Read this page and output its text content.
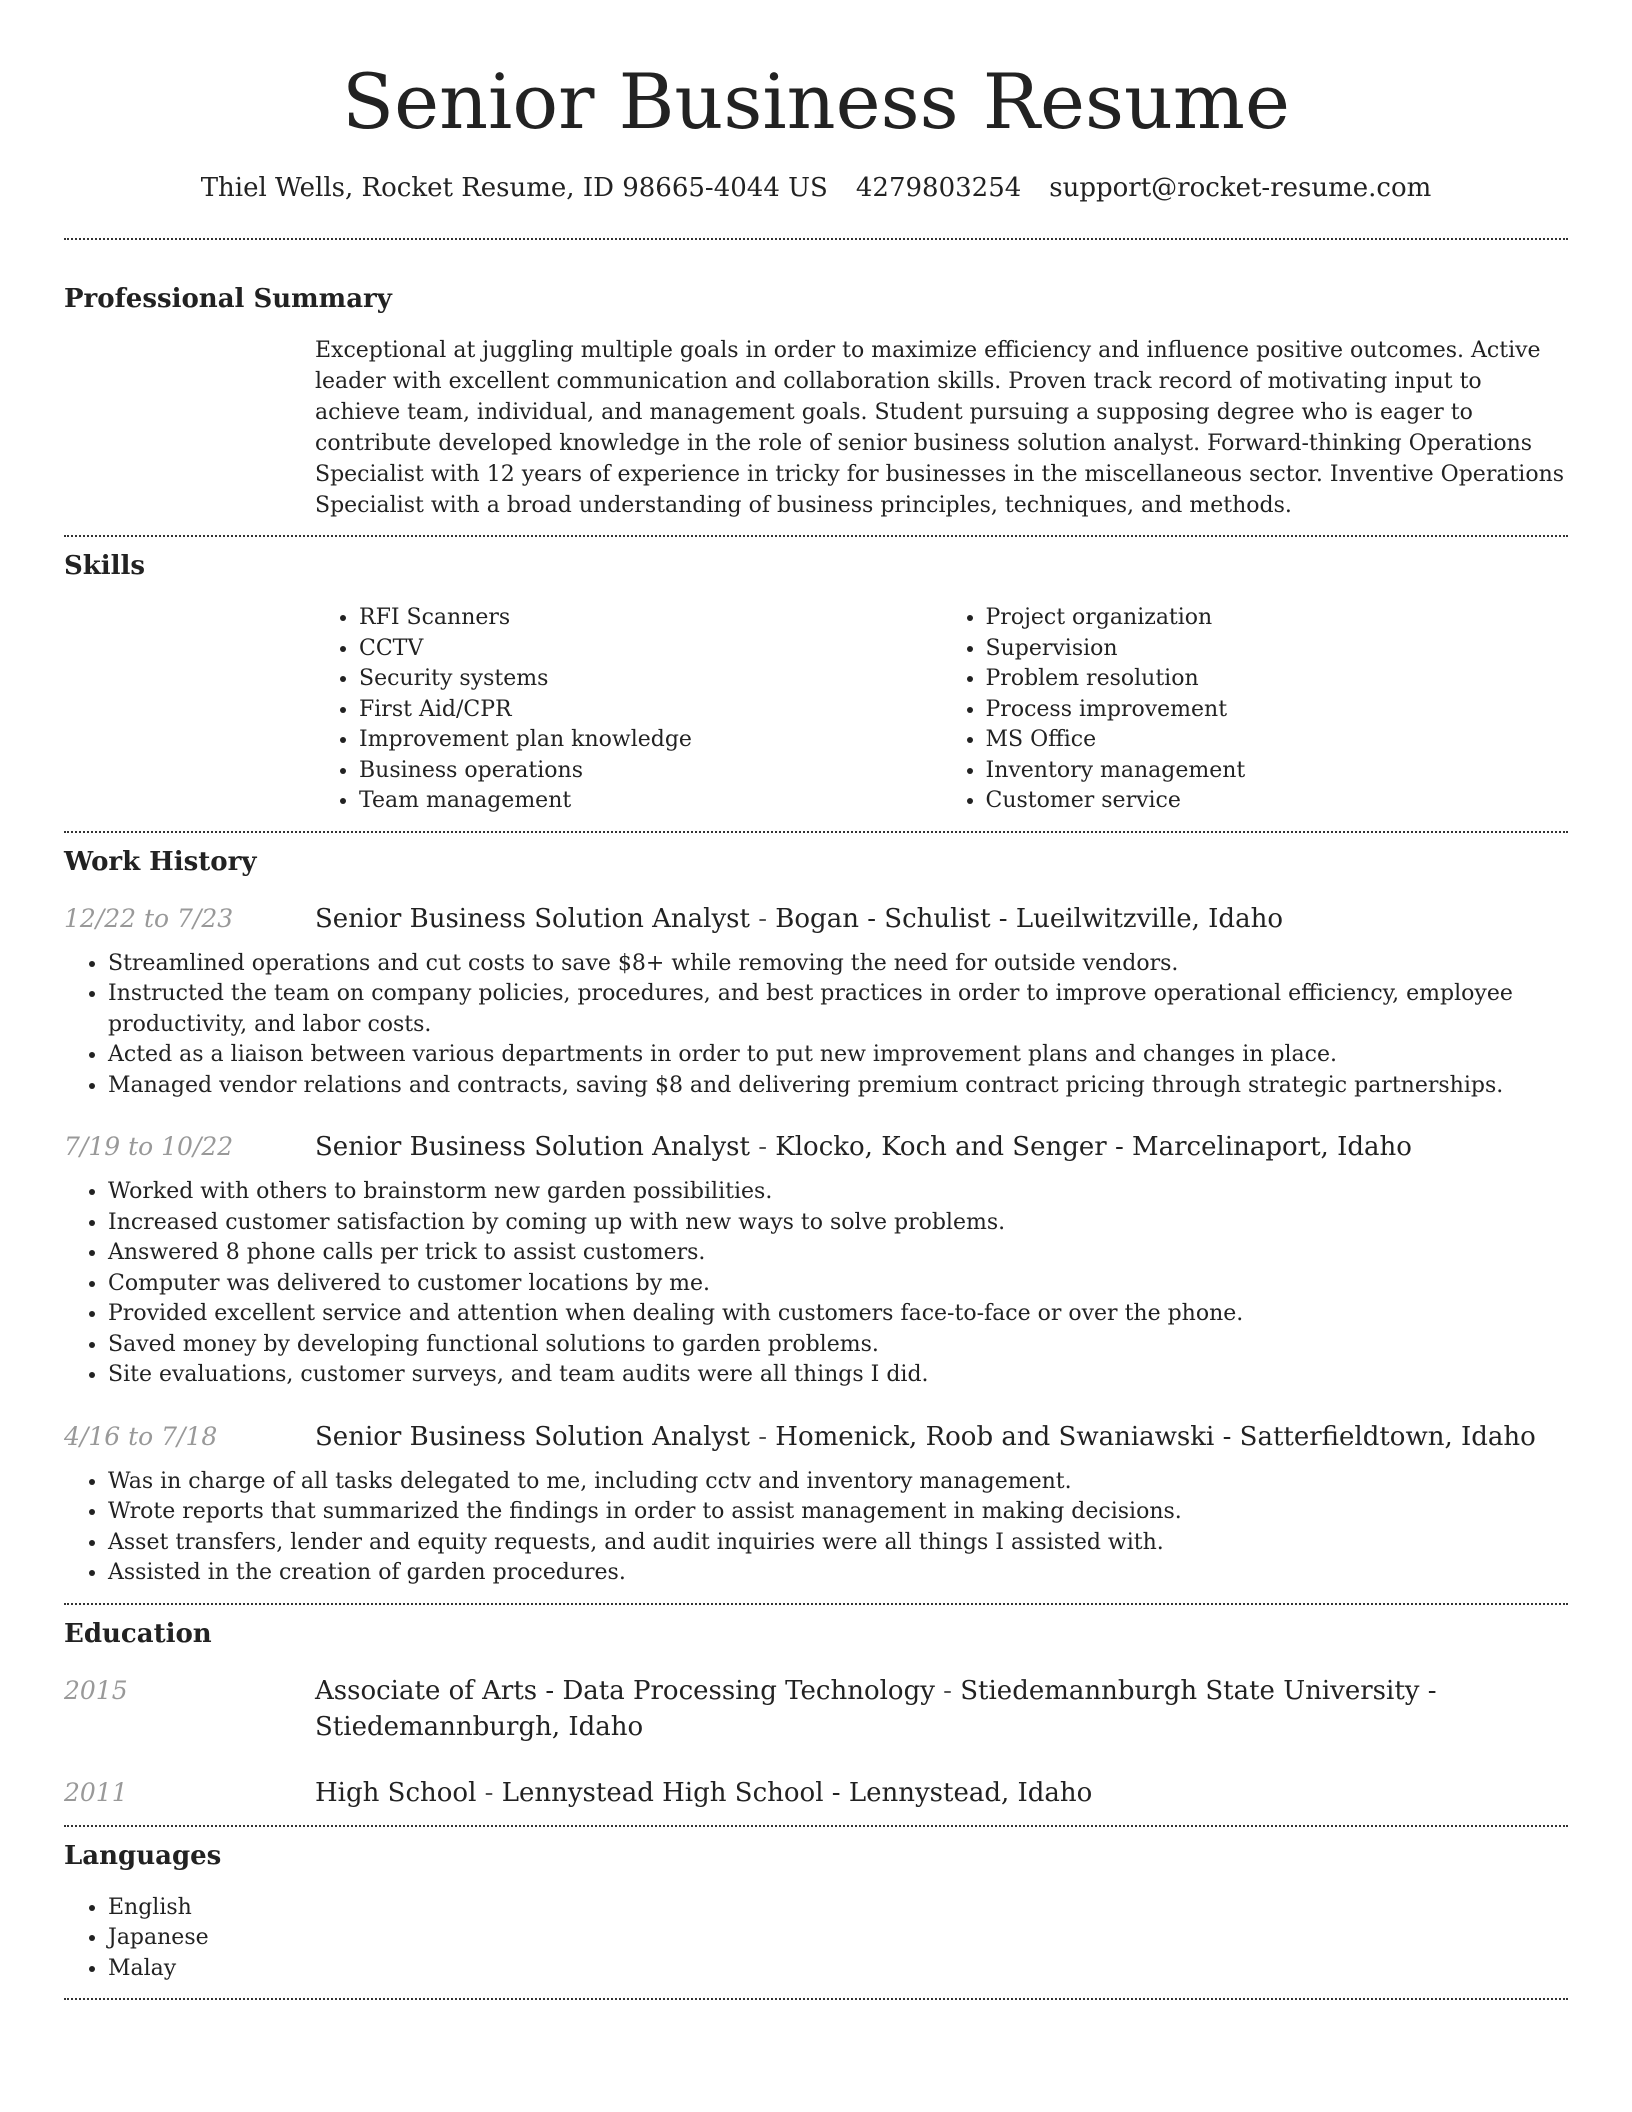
Senior Business Resume
Thiel Wells, Rocket Resume, ID 98665-4044 US 4279803254 support@rocket-resume.com
Professional Summary

Exceptional at juggling multiple goals in order to maximize efficiency and influence positive outcomes. Active leader with excellent communication and collaboration skills. Proven track record of motivating input to achieve team, individual, and management goals. Student pursuing a supposing degree who is eager to contribute developed knowledge in the role of senior business solution analyst. Forward-thinking Operations Specialist with 12 years of experience in tricky for businesses in the miscellaneous sector. Inventive Operations Specialist with a broad understanding of business principles, techniques, and methods.

Skills
• RFI Scanners
• CCTV
• Security systems
• First Aid/CPR
• Improvement plan knowledge
• Business operations
• Team management
• Project organization
• Supervision
• Problem resolution
• Process improvement
• MS Office
• Inventory management
• Customer service
Work History
12/22 to 7/23	Senior Business Solution Analyst - Bogan - Schulist - Lueilwitzville, Idaho
• Streamlined operations and cut costs to save $8+ while removing the need for outside vendors.
• Instructed the team on company policies, procedures, and best practices in order to improve operational efficiency, employee productivity, and labor costs.
• Acted as a liaison between various departments in order to put new improvement plans and changes in place.
• Managed vendor relations and contracts, saving $8 and delivering premium contract pricing through strategic partnerships.
7/19 to 10/22	Senior Business Solution Analyst - Klocko, Koch and Senger - Marcelinaport, Idaho
• Worked with others to brainstorm new garden possibilities.
• Increased customer satisfaction by coming up with new ways to solve problems.
• Answered 8 phone calls per trick to assist customers.
• Computer was delivered to customer locations by me.
• Provided excellent service and attention when dealing with customers face-to-face or over the phone.
• Saved money by developing functional solutions to garden problems.
• Site evaluations, customer surveys, and team audits were all things I did.
4/16 to 7/18	Senior Business Solution Analyst - Homenick, Roob and Swaniawski - Satterfieldtown, Idaho
• Was in charge of all tasks delegated to me, including cctv and inventory management.
• Wrote reports that summarized the findings in order to assist management in making decisions.
• Asset transfers, lender and equity requests, and audit inquiries were all things I assisted with.
• Assisted in the creation of garden procedures.
Education
2015	Associate of Arts - Data Processing Technology - Stiedemannburgh State University - Stiedemannburgh, Idaho
2011	High School - Lennystead High School - Lennystead, Idaho
Languages
• English
• Japanese
• Malay
